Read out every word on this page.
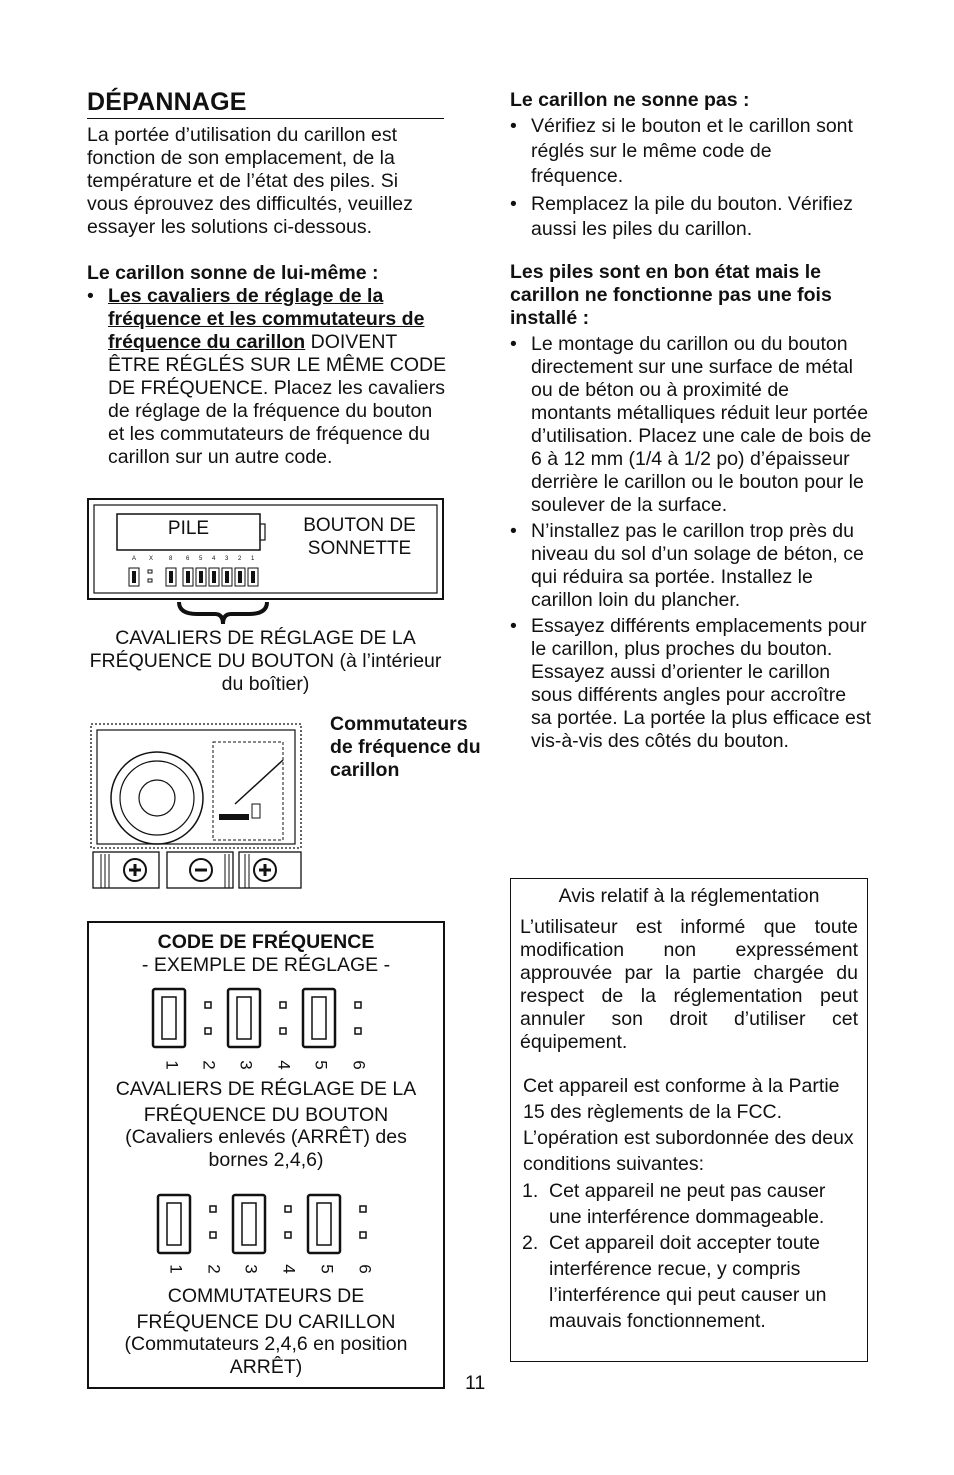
DÉPANNAGE
La portée d’utilisation du carillon est fonction de son emplacement, de la température et de l’état des piles. Si vous éprouvez des difficultés, veuillez essayer les solutions ci-dessous.
Le carillon sonne de lui-même :
• Les cavaliers de réglage de la fréquence et les commutateurs de fréquence du carillon DOIVENT ÊTRE RÉGLÉS SUR LE MÊME CODE DE FRÉQUENCE. Placez les cavaliers de réglage de la fréquence du bouton et les commutateurs de fréquence du carillon sur un autre code.
A X	8 6 5 4 3 2 1
PILE	BOUTON DE SONNETTE
CAVALIERS DE RÉGLAGE DE LA FRÉQUENCE DU BOUTON (à l’intérieur du boîtier)
Commutateurs de fréquence du carillon
CODE DE FRÉQUENCE
- EXEMPLE DE RÉGLAGE -
1 2 3 4 5 6
CAVALIERS DE RÉGLAGE DE LA FRÉQUENCE DU BOUTON
(Cavaliers enlevés (ARRÊT) des bornes 2,4,6)
1 2 3 4 5 6
COMMUTATEURS DE FRÉQUENCE DU CARILLON
(Commutateurs 2,4,6 en position ARRÊT)
Le carillon ne sonne pas :
• Vérifiez si le bouton et le carillon sont réglés sur le même code de fréquence.
• Remplacez la pile du bouton. Vérifiez aussi les piles du carillon.
Les piles sont en bon état mais le carillon ne fonctionne pas une fois installé :
• Le montage du carillon ou du bouton directement sur une surface de métal ou de béton ou à proximité de montants métalliques réduit leur portée d’utilisation. Placez une cale de bois de 6 à 12 mm (1/4 à 1/2 po) d’épaisseur derrière le carillon ou le bouton pour le soulever de la surface.
• N’installez pas le carillon trop près du niveau du sol d’un solage de béton, ce qui réduira sa portée. Installez le carillon loin du plancher.
• Essayez différents emplacements pour le carillon, plus proches du bouton. Essayez aussi d’orienter le carillon sous différents angles pour accroître sa portée. La portée la plus efficace est vis-à-vis des côtés du bouton.
Avis relatif à la réglementation
L’utilisateur est informé que toute modification non expressément approuvée par la partie chargée du respect de la réglementation peut annuler son droit d’utiliser cet équipement.
Cet appareil est conforme à la Partie 15 des règlements de la FCC. L’opération est subordonnée des deux conditions suivantes:
1. Cet appareil ne peut pas causer une interférence dommageable.
2. Cet appareil doit accepter toute interférence recue, y compris l’interférence qui peut causer un mauvais fonctionnement.
11
